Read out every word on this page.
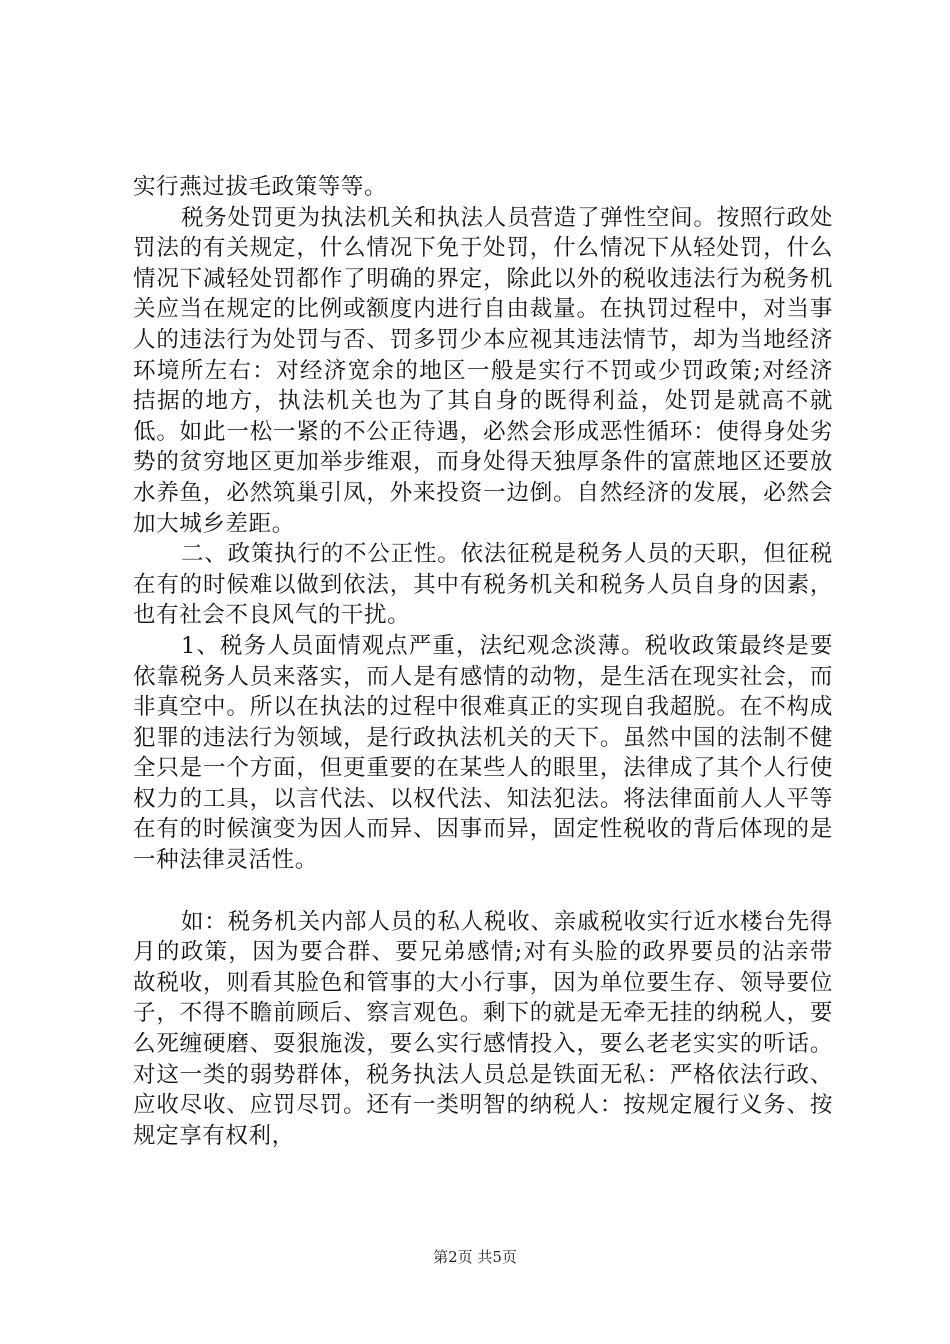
实行燕过拔毛政策等等。

税务处罚更为执法机关和执法人员营造了弹性空间。按照行政处罚法的有关规定，什么情况下免于处罚，什么情况下从轻处罚，什么情况下减轻处罚都作了明确的界定，除此以外的税收违法行为税务机关应当在规定的比例或额度内进行自由裁量。在执罚过程中，对当事人的违法行为处罚与否、罚多罚少本应视其违法情节，却为当地经济环境所左右：对经济宽余的地区一般是实行不罚或少罚政策;对经济拮据的地方，执法机关也为了其自身的既得利益，处罚是就高不就低。如此一松一紧的不公正待遇，必然会形成恶性循环：使得身处劣势的贫穷地区更加举步维艰，而身处得天独厚条件的富蔗地区还要放水养鱼，必然筑巢引凤，外来投资一边倒。自然经济的发展，必然会加大城乡差距。

二、政策执行的不公正性。依法征税是税务人员的天职，但征税在有的时候难以做到依法，其中有税务机关和税务人员自身的因素，也有社会不良风气的干扰。

1、税务人员面情观点严重，法纪观念淡薄。税收政策最终是要依靠税务人员来落实，而人是有感情的动物，是生活在现实社会，而非真空中。所以在执法的过程中很难真正的实现自我超脱。在不构成犯罪的违法行为领域，是行政执法机关的天下。虽然中国的法制不健全只是一个方面，但更重要的在某些人的眼里，法律成了其个人行使权力的工具，以言代法、以权代法、知法犯法。将法律面前人人平等在有的时候演变为因人而异、因事而异，固定性税收的背后体现的是一种法律灵活性。

如：税务机关内部人员的私人税收、亲戚税收实行近水楼台先得月的政策，因为要合群、要兄弟感情;对有头脸的政界要员的沾亲带故税收，则看其脸色和管事的大小行事，因为单位要生存、领导要位子，不得不瞻前顾后、察言观色。剩下的就是无牵无挂的纳税人，要么死缠硬磨、耍狠施泼，要么实行感情投入，要么老老实实的听话。对这一类的弱势群体，税务执法人员总是铁面无私：严格依法行政、应收尽收、应罚尽罚。还有一类明智的纳税人：按规定履行义务、按规定享有权利，

第2页 共5页
